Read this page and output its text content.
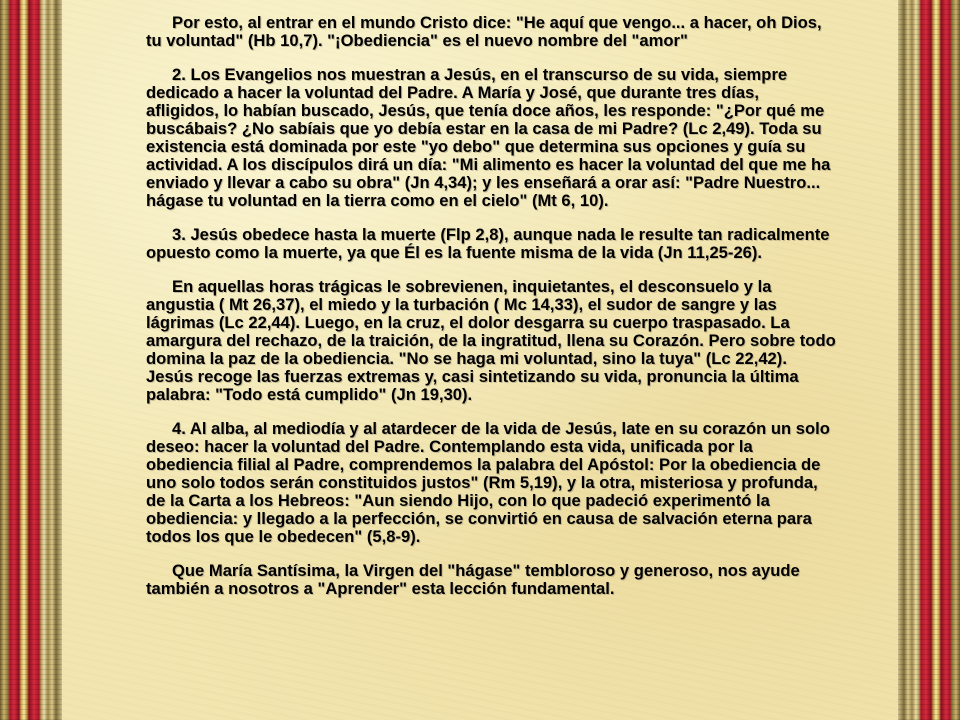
Por esto, al entrar en el mundo Cristo dice: "He aquí que vengo... a hacer, oh Dios, tu voluntad" (Hb 10,7). "¡Obediencia" es el nuevo nombre del "amor"

2. Los Evangelios nos muestran a Jesús, en el transcurso de su vida, siempre dedicado a hacer la voluntad del Padre. A María y José, que durante tres días, afligidos, lo habían buscado, Jesús, que tenía doce años, les responde: "¿Por qué me buscábais? ¿No sabíais que yo debía estar en la casa de mi Padre? (Lc 2,49). Toda su existencia está dominada por este "yo debo" que determina sus opciones y guía su actividad. A los discípulos dirá un día: "Mi alimento es hacer la voluntad del que me ha enviado y llevar a cabo su obra" (Jn 4,34); y les enseñará a orar así: "Padre Nuestro... hágase tu voluntad en la tierra como en el cielo" (Mt 6, 10).

3. Jesús obedece hasta la muerte (Flp 2,8), aunque nada le resulte tan radicalmente opuesto como la muerte, ya que Él es la fuente misma de la vida (Jn 11,25-26).

En aquellas horas trágicas le sobrevienen, inquietantes, el desconsuelo y la angustia ( Mt 26,37), el miedo y la turbación ( Mc 14,33), el sudor de sangre y las lágrimas (Lc 22,44). Luego, en la cruz, el dolor desgarra su cuerpo traspasado. La amargura del rechazo, de la traición, de la ingratitud, llena su Corazón. Pero sobre todo domina la paz de la obediencia. "No se haga mi voluntad, sino la tuya" (Lc 22,42). Jesús recoge las fuerzas extremas y, casi sintetizando su vida, pronuncia la última palabra: "Todo está cumplido" (Jn 19,30).

4. Al alba, al mediodía y al atardecer de la vida de Jesús, late en su corazón un solo deseo: hacer la voluntad del Padre. Contemplando esta vida, unificada por la obediencia filial al Padre, comprendemos la palabra del Apóstol: Por la obediencia de uno solo todos serán constituidos justos" (Rm 5,19), y la otra, misteriosa y profunda, de la Carta a los Hebreos: "Aun siendo Hijo, con lo que padeció experimentó la obediencia: y llegado a la perfección, se convirtió en causa de salvación eterna para todos los que le obedecen" (5,8-9).

Que María Santísima, la Virgen del "hágase" tembloroso y generoso, nos ayude también a nosotros a "Aprender" esta lección fundamental.
